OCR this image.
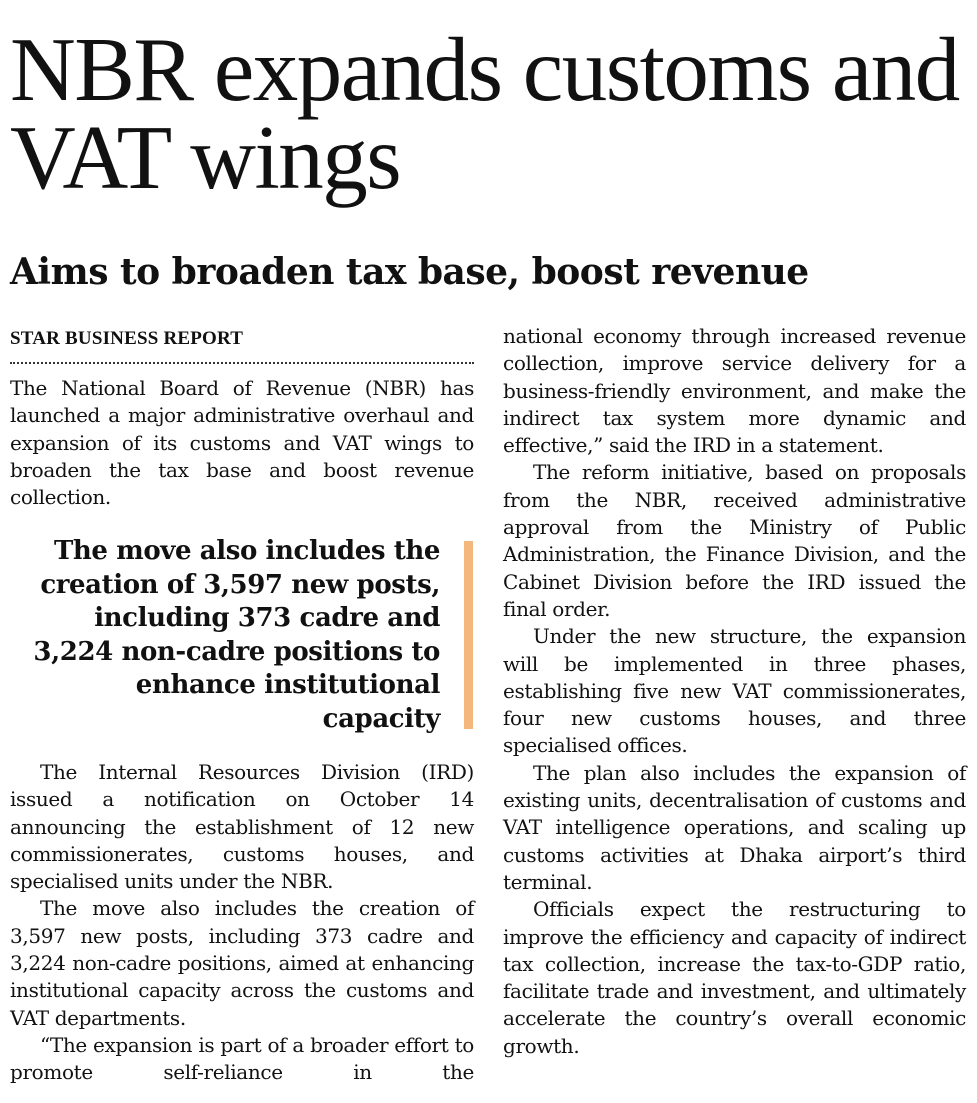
NBR expands customs and VAT wings
Aims to broaden tax base, boost revenue
STAR BUSINESS REPORT

The National Board of Revenue (NBR) has launched a major administrative overhaul and expansion of its customs and VAT wings to broaden the tax base and boost revenue collection.

The move also includes the creation of 3,597 new posts, including 373 cadre and 3,224 non-cadre positions to enhance institutional capacity

The Internal Resources Division (IRD) issued a notification on October 14 announcing the establishment of 12 new commissionerates, customs houses, and specialised units under the NBR.

The move also includes the creation of 3,597 new posts, including 373 cadre and 3,224 non-cadre positions, aimed at enhancing institutional capacity across the customs and VAT departments.

“The expansion is part of a broader effort to promote self-reliance in the

national economy through increased revenue collection, improve service delivery for a business-friendly environment, and make the indirect tax system more dynamic and effective,” said the IRD in a statement.

The reform initiative, based on proposals from the NBR, received administrative approval from the Ministry of Public Administration, the Finance Division, and the Cabinet Division before the IRD issued the final order.

Under the new structure, the expansion will be implemented in three phases, establishing five new VAT commissionerates, four new customs houses, and three specialised offices.

The plan also includes the expansion of existing units, decentralisation of customs and VAT intelligence operations, and scaling up customs activities at Dhaka airport’s third terminal.

Officials expect the restructuring to improve the efficiency and capacity of indirect tax collection, increase the tax-to-GDP ratio, facilitate trade and investment, and ultimately accelerate the country’s overall economic growth.
